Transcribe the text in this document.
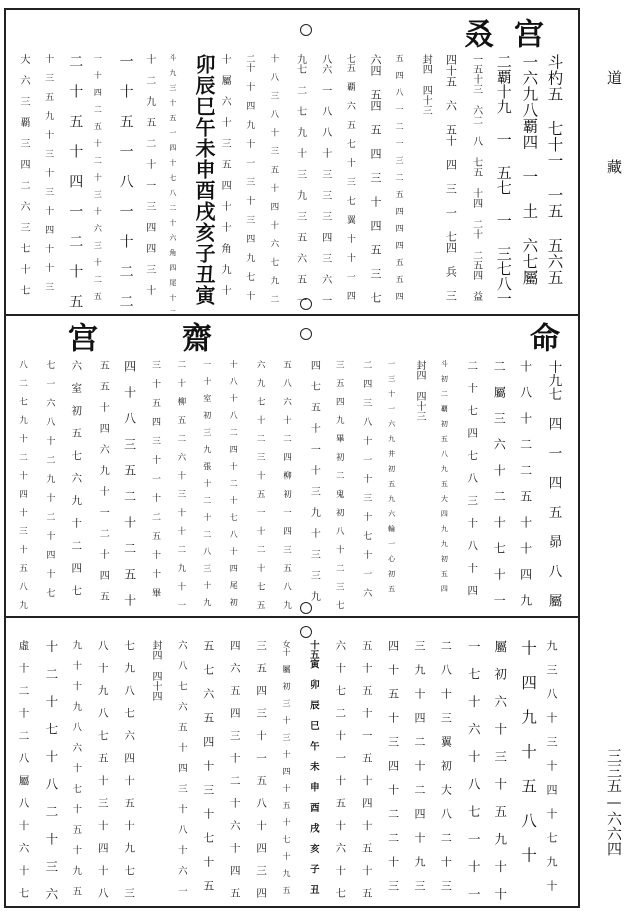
宫
叒
斗杓五 七十一 一五 五六五
一六九八覇四 一 土 六七屬
二覇十九 一 五七 一 三七八一
一五十三 六二 八 七五 十四 二十 二五四 益
四十五 六 五十 四 三 一 七四 兵 三
封四 四十三
五 四 八 一 二 一 三 二 五 四 四 四 五 五 四
六四 五四 五 四 三 十 四 五 三 七
七五 覇 六 五 七 十 三 七 翼 十 十 一 四
八六 一 八 八 十 三 三 三 四 三 六 一
九七 二 七 九 十 三 九 三 五 六 五 一
十 八 三 八 十 三 五 十 四 十 六 七 九 二
二十 十 四 九 十 一 三 十 三 四 九 七 十
十 屬 六 十 三 五 四 十 十 角 九 十
卯辰巳午未申酉戌亥子丑寅
斗 九 三 十 五 一 四 十 七 八 二 十 六 角 四 尾 十 二
十 二 九 五 二 十 一 三 四 四 三 十
一 十 五 一 八 一 十 二 二
一 十 四 二 五 十 二 十 三 十 六 三 十 二 五
二 十 五 十 四 一 二 十 五
十 三 五 九 十 三 十 三 十 四 十 十 三
大 六 三 覇 三 四 二 六 三 七 十 七
宫	齋	命
十九七 四 一 四 五 昴 八 屬
十 八 十 二 二 五 十 十 四 九
二 屬 三 六 十 二 十 七 十 一
二 十 七 四 七 八 三 十 八 十 四
斗 初 二 覇 初 五 八 九 五 大 四 九 九 初 五 四
封四 四十三
一 三 十 一 六 九 井 初 五 九 六 輪 一 心 初 五
二 四 三 八 十 一 十 三 十 七 十 一 六
三 五 四 九 畢 初 二 鬼 初 八 十 二 三 七
四 七 五 十 一 十 三 九 十 三 三 九
五 八 六 十 二 四 柳 初 一 四 三 五 八 九
六 九 七 十 二 三 十 五 一 十 二 十 七 五
十 八 十 八 二 四 十 二 十 七 八 十 四 尾 初
一 十 室 初 三 九 張 十 二 十 二 八 三 十 九
二 十 柳 五 二 六 十 三 十 十 二 九 十 一
三 十 五 四 三 十 一 十 二 五 十 十 畢
四 十 八 三 五 二 十 二 五 十
五 五 十 四 六 九 十 一 二 十 四 五
六 室 初 五 七 六 九 十 二 四 七
七 一 六 八 十 二 九 十 二 十 四 十 七
八 二 七 九 十 二 十 四 十 三 十 五 八 九
九 三 八 十 三 十 四 十 七 九 十
十 四 九 十 五 八 十
屬 初 六 十 三 十 五 九 十 十
一 七 十 六 十 八 七 一 十 一
二 八 十 三 翼 初 大 八 二 十 三
三 九 十 四 二 十 二 四 十 九 三
四 十 五 十 三 四 十 二 二 十 三
五 十 五 十 一 五 十 四 十 五 十 五
六 十 七 二 十 一 十 五 十 六 十 七
十五寅 卯 辰 巳 午 未 申 酉 戌 亥 子 丑
女十 屬 初 三 十 三 十 四 十 五 十 七 十 九 五
三 五 四 三 十 一 五 八 十 四 三 四
四 六 五 四 三 十 二 十 六 十 四 五
五 七 六 五 四 十 三 十 七 十 五
六 八 七 六 五 十 四 三 十 八 十 六 一
封四 四十四
七 九 八 七 六 四 十 五 十 九 七 三
八 十 九 八 七 五 十 三 十 四 十 八
九 十 十 九 八 六 十 七 十 五 十 九 五
十 二 十 七 十 八 二 十 三 六
虛 十 二 十 二 八 屬 八 十 六 十 七
道 藏
三三五—六六四
